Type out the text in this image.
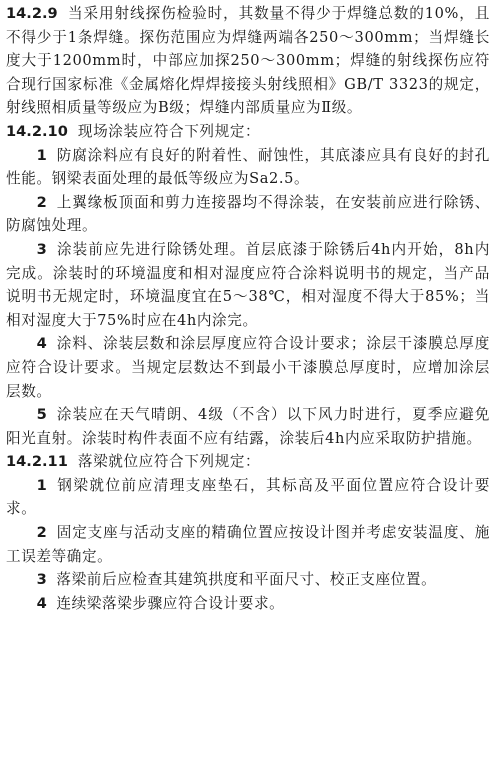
14.2.9 当采用射线探伤检验时，其数量不得少于焊缝总数的10%，且不得少于1条焊缝。探伤范围应为焊缝两端各250～300mm；当焊缝长度大于1200mm时，中部应加探250～300mm；焊缝的射线探伤应符合现行国家标准《金属熔化焊焊接接头射线照相》GB/T 3323的规定，射线照相质量等级应为B级；焊缝内部质量应为Ⅱ级。

14.2.10 现场涂装应符合下列规定：

1 防腐涂料应有良好的附着性、耐蚀性，其底漆应具有良好的封孔性能。钢梁表面处理的最低等级应为Sa2.5。

2 上翼缘板顶面和剪力连接器均不得涂装，在安装前应进行除锈、防腐蚀处理。

3 涂装前应先进行除锈处理。首层底漆于除锈后4h内开始，8h内完成。涂装时的环境温度和相对湿度应符合涂料说明书的规定，当产品说明书无规定时，环境温度宜在5～38℃，相对湿度不得大于85%；当相对湿度大于75%时应在4h内涂完。

4 涂料、涂装层数和涂层厚度应符合设计要求；涂层干漆膜总厚度应符合设计要求。当规定层数达不到最小干漆膜总厚度时，应增加涂层层数。

5 涂装应在天气晴朗、4级（不含）以下风力时进行，夏季应避免阳光直射。涂装时构件表面不应有结露，涂装后4h内应采取防护措施。

14.2.11 落梁就位应符合下列规定：

1 钢梁就位前应清理支座垫石，其标高及平面位置应符合设计要求。

2 固定支座与活动支座的精确位置应按设计图并考虑安装温度、施工误差等确定。

3 落梁前后应检查其建筑拱度和平面尺寸、校正支座位置。

4 连续梁落梁步骤应符合设计要求。
